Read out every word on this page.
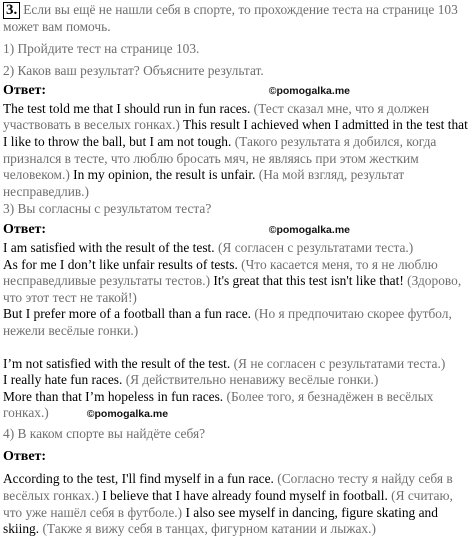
3. Если вы ещё не нашли себя в спорте, то прохождение теста на странице 103 может вам помочь.

1) Пройдите тест на странице 103.

2) Каков ваш результат? Объясните результат.

Ответ:	©pomogalka.me

The test told me that I should run in fun races. (Тест сказал мне, что я должен участвовать в веселых гонках.) This result I achieved when I admitted in the test that I like to throw the ball, but I am not tough. (Такого результата я добился, когда признался в тесте, что люблю бросать мяч, не являясь при этом жестким человеком.) In my opinion, the result is unfair. (На мой взгляд, результат несправедлив.)

3) Вы согласны с результатом теста?

Ответ:	©pomogalka.me

I am satisfied with the result of the test. (Я согласен с результатами теста.)

As for me I don’t like unfair results of tests. (Что касается меня, то я не люблю несправедливые результаты тестов.) It's great that this test isn't like that! (Здорово, что этот тест не такой!)

But I prefer more of a football than a fun race. (Но я предпочитаю скорее футбол, нежели весёлые гонки.)

I’m not satisfied with the result of the test. (Я не согласен с результатами теста.)

I really hate fun races. (Я действительно ненавижу весёлые гонки.)

More than that I’m hopeless in fun races. (Более того, я безнадёжен в весёлых гонках.)	©pomogalka.me

4) В каком спорте вы найдёте себя?

Ответ:

According to the test, I'll find myself in a fun race. (Согласно тесту я найду себя в весёлых гонках.) I believe that I have already found myself in football. (Я считаю, что уже нашёл себя в футболе.) I also see myself in dancing, figure skating and skiing. (Также я вижу себя в танцах, фигурном катании и лыжах.)
